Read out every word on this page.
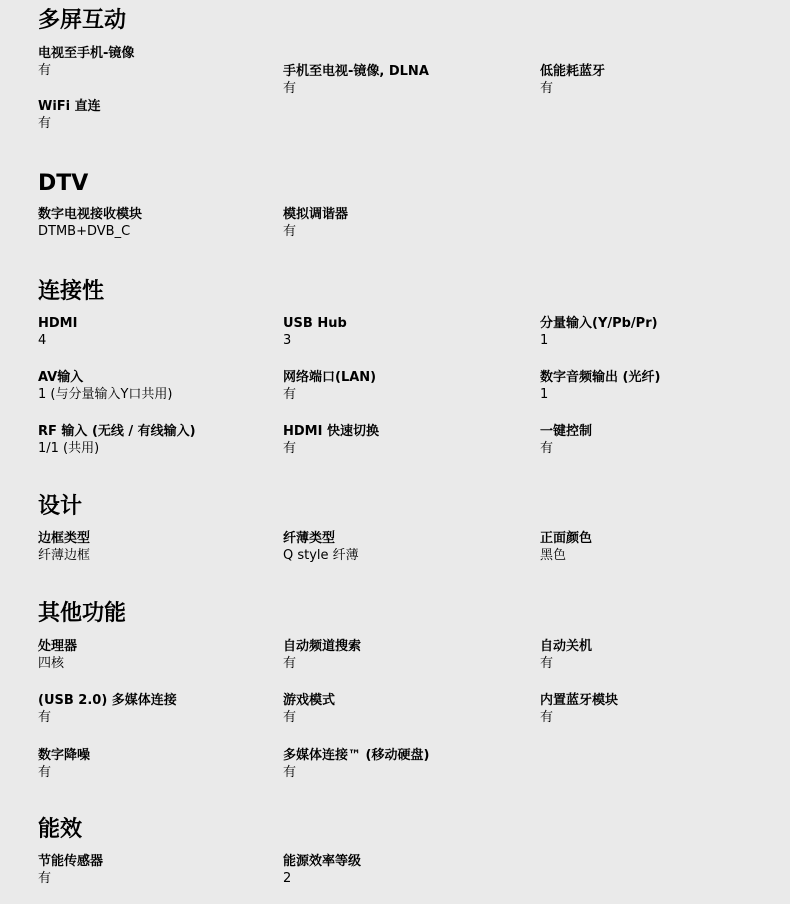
多屏互动
电视至手机-镜像
有	手机至电视-镜像, DLNA
有
低能耗蓝牙
有
WiFi 直连
有
DTV
数字电视接收模块
DTMB+DVB_C
模拟调谐器
有
连接性
HDMI
4
USB Hub
3
分量输入(Y/Pb/Pr)
1
AV输入
1 (与分量输入Y口共用)
网络端口(LAN)
有
数字音频输出 (光纤)
1
RF 输入 (无线 / 有线输入)
1/1 (共用)
HDMI 快速切换
有
一键控制
有
设计
边框类型
纤薄边框
纤薄类型
Q style 纤薄
正面颜色
黑色
其他功能
处理器
四核
自动频道搜索
有
自动关机
有
(USB 2.0) 多媒体连接
有
游戏模式
有
内置蓝牙模块
有
数字降噪
有
多媒体连接™ (移动硬盘)
有
能效
节能传感器
有
能源效率等级
2
